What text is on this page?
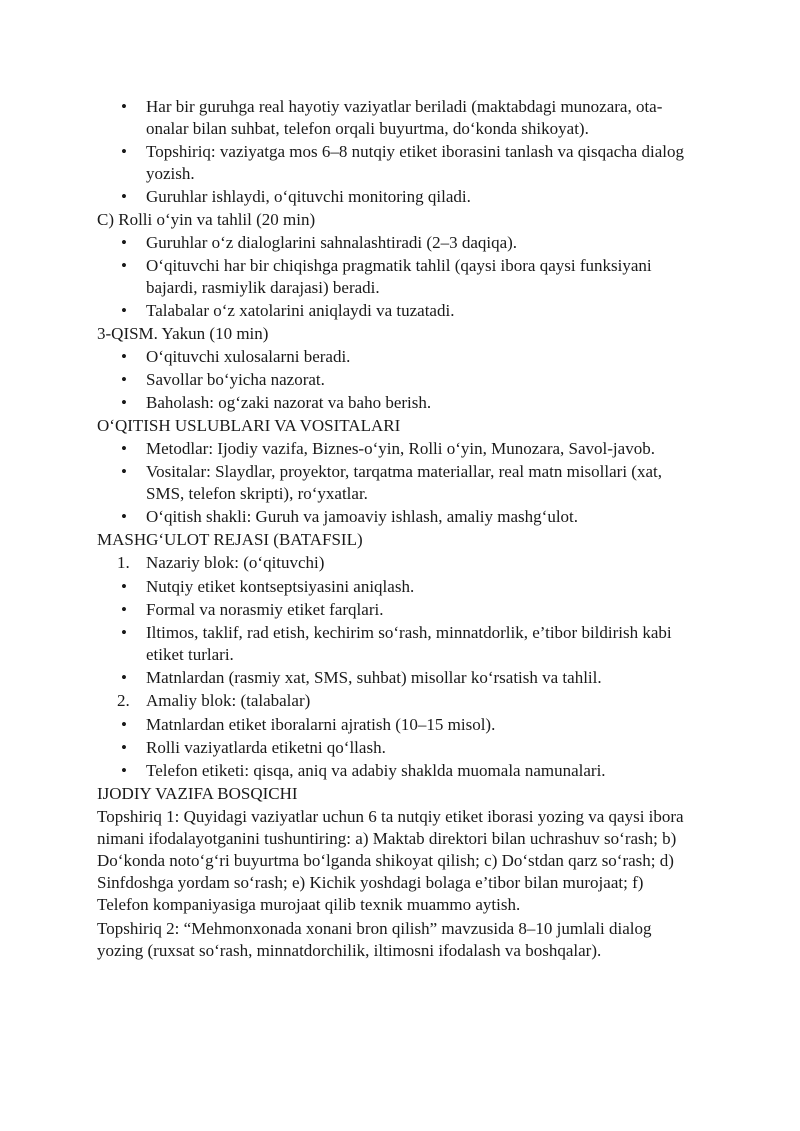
• Har bir guruhga real hayotiy vaziyatlar beriladi (maktabdagi munozara, ota-onalar bilan suhbat, telefon orqali buyurtma, do‘konda shikoyat).
• Topshiriq: vaziyatga mos 6–8 nutqiy etiket iborasini tanlash va qisqacha dialog yozish.
• Guruhlar ishlaydi, o‘qituvchi monitoring qiladi.
C) Rolli o‘yin va tahlil (20 min)
• Guruhlar o‘z dialoglarini sahnalashtiradi (2–3 daqiqa).
• O‘qituvchi har bir chiqishga pragmatik tahlil (qaysi ibora qaysi funksiyani bajardi, rasmiylik darajasi) beradi.
• Talabalar o‘z xatolarini aniqlaydi va tuzatadi.
3-QISM. Yakun (10 min)
• O‘qituvchi xulosalarni beradi.
• Savollar bo‘yicha nazorat.
• Baholash: og‘zaki nazorat va baho berish.
O‘QITISH USLUBLARI VA VOSITALARI
• Metodlar: Ijodiy vazifa, Biznes-o‘yin, Rolli o‘yin, Munozara, Savol-javob.
• Vositalar: Slaydlar, proyektor, tarqatma materiallar, real matn misollari (xat, SMS, telefon skripti), ro‘yxatlar.
• O‘qitish shakli: Guruh va jamoaviy ishlash, amaliy mashg‘ulot.
MASHG‘ULOT REJASI (BATAFSIL)
1. Nazariy blok: (o‘qituvchi)
• Nutqiy etiket kontseptsiyasini aniqlash.
• Formal va norasmiy etiket farqlari.
• Iltimos, taklif, rad etish, kechirim so‘rash, minnatdorlik, e’tibor bildirish kabi etiket turlari.
• Matnlardan (rasmiy xat, SMS, suhbat) misollar ko‘rsatish va tahlil.
2. Amaliy blok: (talabalar)
• Matnlardan etiket iboralarni ajratish (10–15 misol).
• Rolli vaziyatlarda etiketni qo‘llash.
• Telefon etiketi: qisqa, aniq va adabiy shaklda muomala namunalari.
IJODIY VAZIFA BOSQICHI

Topshiriq 1: Quyidagi vaziyatlar uchun 6 ta nutqiy etiket iborasi yozing va qaysi ibora nimani ifodalayotganini tushuntiring: a) Maktab direktori bilan uchrashuv so‘rash; b) Do‘konda noto‘g‘ri buyurtma bo‘lganda shikoyat qilish; c) Do‘stdan qarz so‘rash; d) Sinfdoshga yordam so‘rash; e) Kichik yoshdagi bolaga e’tibor bilan murojaat; f) Telefon kompaniyasiga murojaat qilib texnik muammo aytish.

Topshiriq 2: “Mehmonxonada xonani bron qilish” mavzusida 8–10 jumlali dialog yozing (ruxsat so‘rash, minnatdorchilik, iltimosni ifodalash va boshqalar).
